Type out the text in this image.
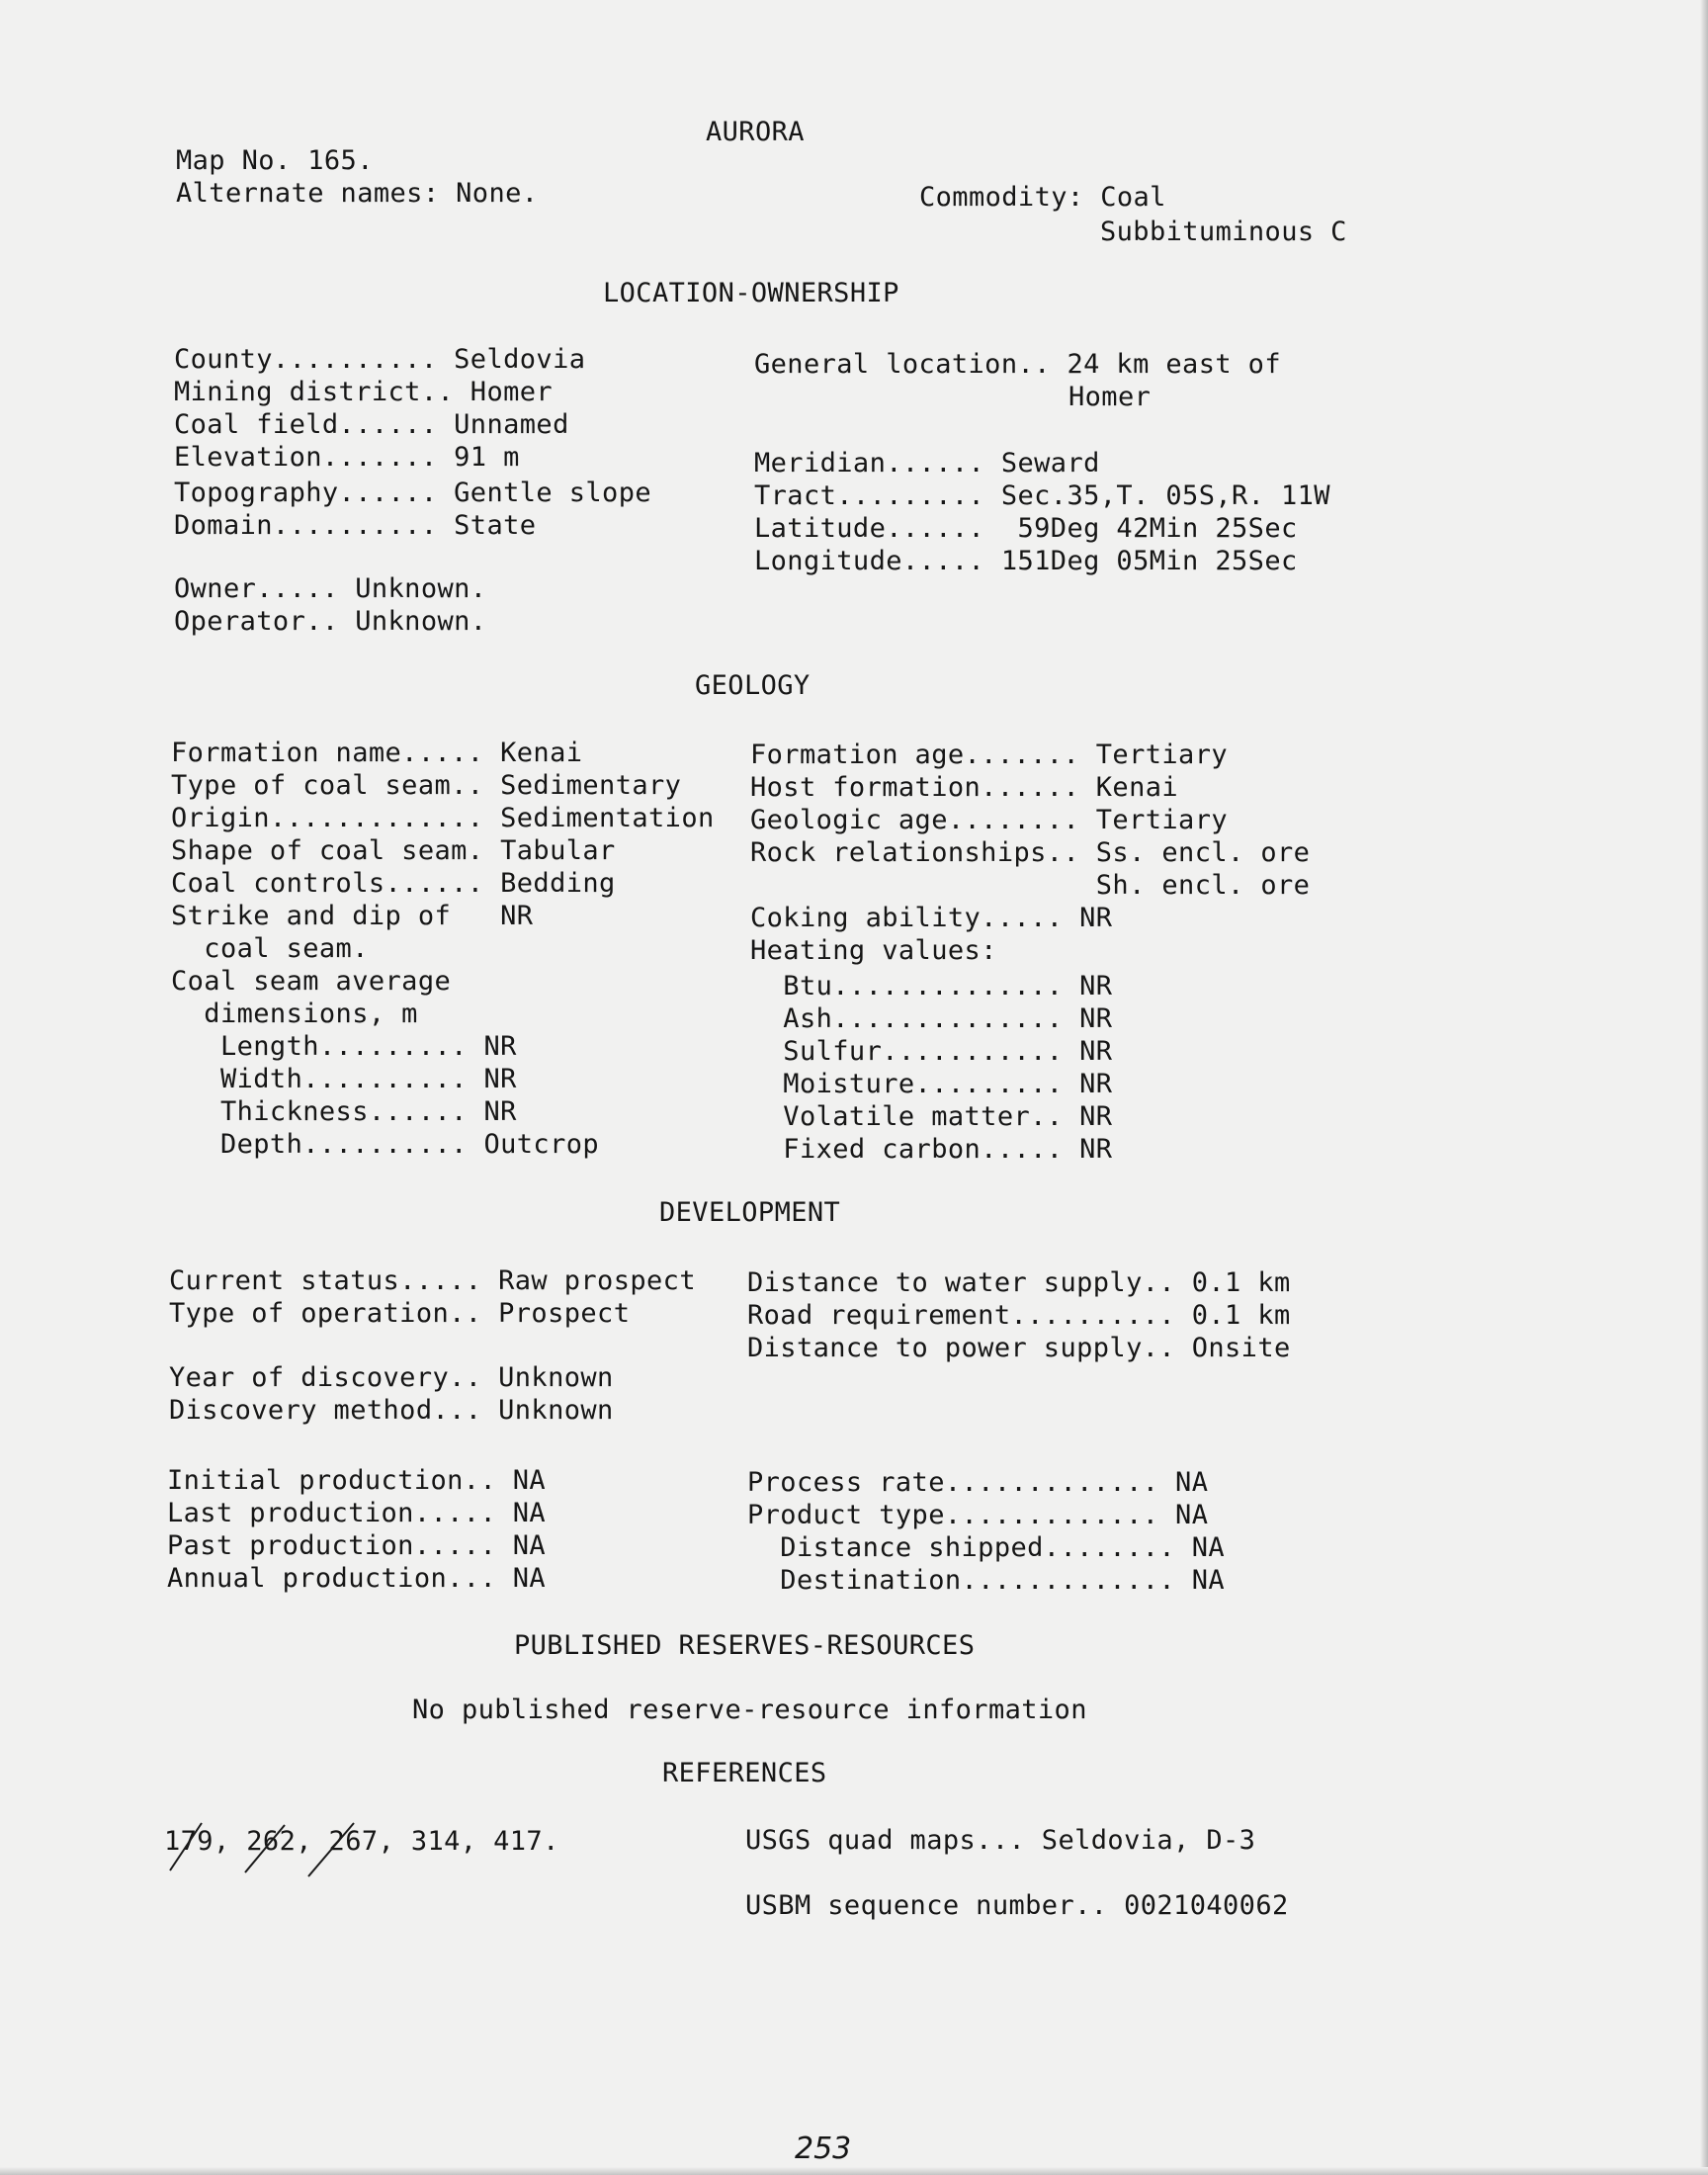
AURORA
Map No. 165.
Alternate names: None.	Commodity: Coal
Subbituminous C
LOCATION-OWNERSHIP
County.......... Seldovia
Mining district.. Homer
Coal field...... Unnamed
Elevation....... 91 m
Topography...... Gentle slope
Domain.......... State
General location.. 24 km east of
Homer
Meridian...... Seward
Tract......... Sec.35,T. 05S,R. 11W
Latitude......  59Deg 42Min 25Sec
Longitude..... 151Deg 05Min 25Sec
Owner..... Unknown.
Operator.. Unknown.
GEOLOGY
Formation name..... Kenai
Type of coal seam.. Sedimentary
Origin............. Sedimentation
Shape of coal seam. Tabular
Coal controls...... Bedding
Strike and dip of   NR
coal seam.
Coal seam average
dimensions, m
Length......... NR
Width.......... NR
Thickness...... NR
Depth.......... Outcrop
Formation age....... Tertiary
Host formation...... Kenai
Geologic age........ Tertiary
Rock relationships.. Ss. encl. ore
Sh. encl. ore
Coking ability..... NR
Heating values:
Btu.............. NR
Ash.............. NR
Sulfur........... NR
Moisture......... NR
Volatile matter.. NR
Fixed carbon..... NR
DEVELOPMENT
Current status..... Raw prospect
Type of operation.. Prospect
Year of discovery.. Unknown
Discovery method... Unknown
Distance to water supply.. 0.1 km
Road requirement.......... 0.1 km
Distance to power supply.. Onsite
Initial production.. NA
Last production..... NA
Past production..... NA
Annual production... NA
Process rate............. NA
Product type............. NA
Distance shipped........ NA
Destination............. NA
PUBLISHED RESERVES-RESOURCES
No published reserve-resource information
REFERENCES
179, 262, 267, 314, 417.	USGS quad maps... Seldovia, D-3
USBM sequence number.. 0021040062
253
